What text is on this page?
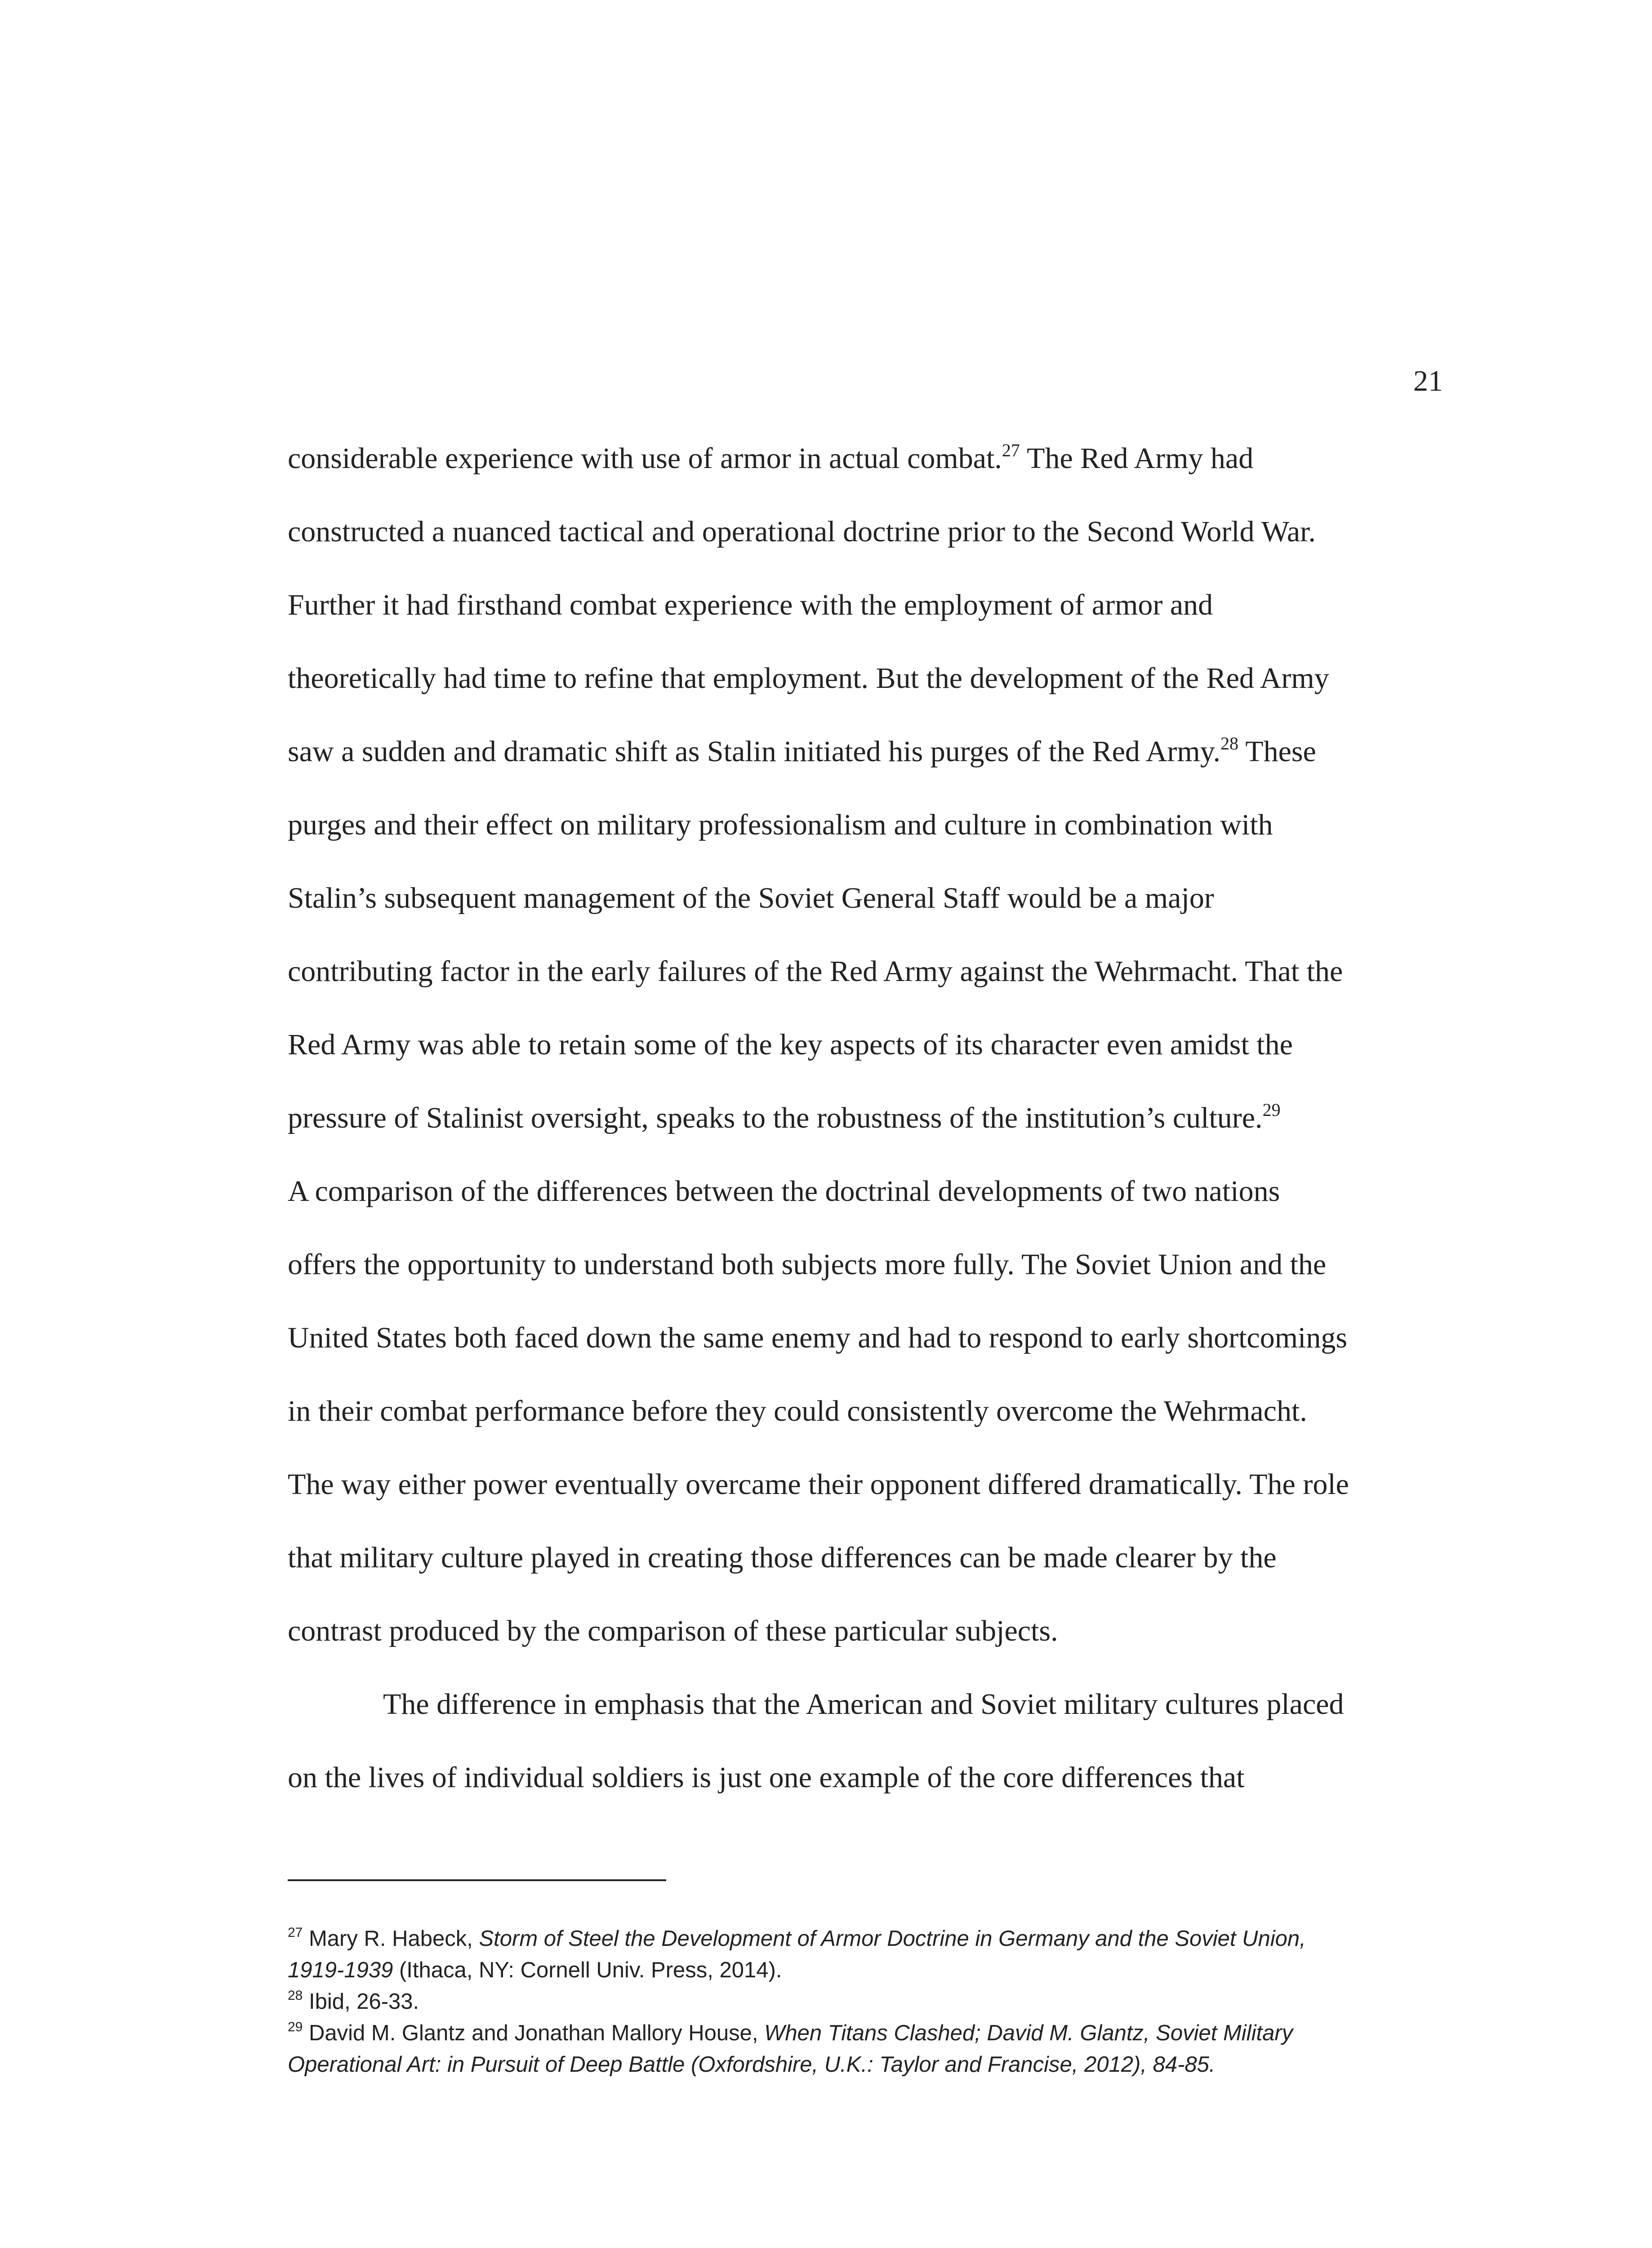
21
considerable experience with use of armor in actual combat.$^{27}$ The Red Army had
constructed a nuanced tactical and operational doctrine prior to the Second World War.
Further it had firsthand combat experience with the employment of armor and
theoretically had time to refine that employment. But the development of the Red Army
saw a sudden and dramatic shift as Stalin initiated his purges of the Red Army.$^{28}$ These
purges and their effect on military professionalism and culture in combination with
Stalin’s subsequent management of the Soviet General Staff would be a major
contributing factor in the early failures of the Red Army against the Wehrmacht. That the
Red Army was able to retain some of the key aspects of its character even amidst the
pressure of Stalinist oversight, speaks to the robustness of the institution’s culture.$^{29}$
A comparison of the differences between the doctrinal developments of two nations
offers the opportunity to understand both subjects more fully. The Soviet Union and the
United States both faced down the same enemy and had to respond to early shortcomings
in their combat performance before they could consistently overcome the Wehrmacht.
The way either power eventually overcame their opponent differed dramatically. The role
that military culture played in creating those differences can be made clearer by the
contrast produced by the comparison of these particular subjects.
The difference in emphasis that the American and Soviet military cultures placed
on the lives of individual soldiers is just one example of the core differences that
$^{27}$ Mary R. Habeck, Storm of Steel the Development of Armor Doctrine in Germany and the Soviet Union,
1919-1939 (Ithaca, NY: Cornell Univ. Press, 2014).
$^{28}$ Ibid, 26-33.
$^{29}$ David M. Glantz and Jonathan Mallory House, When Titans Clashed; David M. Glantz, Soviet Military
Operational Art: in Pursuit of Deep Battle (Oxfordshire, U.K.: Taylor and Francise, 2012), 84-85.
